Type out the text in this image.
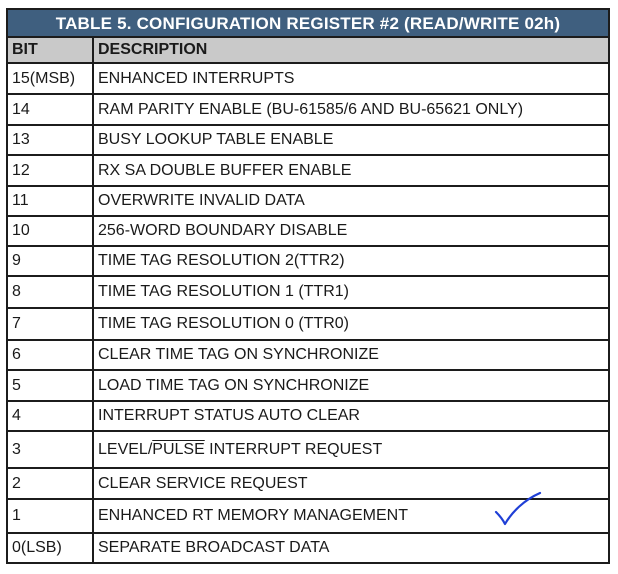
TABLE 5. CONFIGURATION REGISTER #2 (READ/WRITE 02h)
BIT	DESCRIPTION
15(MSB)	ENHANCED INTERRUPTS
14	RAM PARITY ENABLE (BU-61585/6 AND BU-65621 ONLY)
13	BUSY LOOKUP TABLE ENABLE
12	RX SA DOUBLE BUFFER ENABLE
11	OVERWRITE INVALID DATA
10	256-WORD BOUNDARY DISABLE
9	TIME TAG RESOLUTION 2(TTR2)
8	TIME TAG RESOLUTION 1 (TTR1)
7	TIME TAG RESOLUTION 0 (TTR0)
6	CLEAR TIME TAG ON SYNCHRONIZE
5	LOAD TIME TAG ON SYNCHRONIZE
4	INTERRUPT STATUS AUTO CLEAR
3	LEVEL/PULSE INTERRUPT REQUEST
2	CLEAR SERVICE REQUEST
1	ENHANCED RT MEMORY MANAGEMENT
0(LSB)	SEPARATE BROADCAST DATA
